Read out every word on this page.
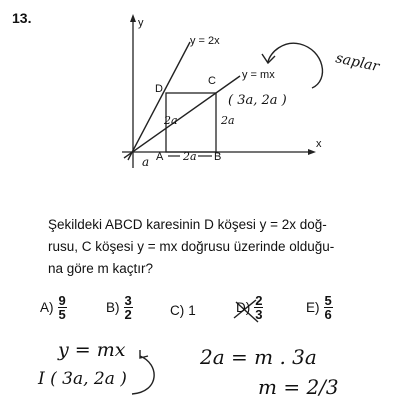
13.	y
x
y = 2x
y = mx
D
C
A	B
( 3a, 2a )
2a	2a
a	2a
saplar
y = mx
I ( 3a, 2a )
2a = m . 3a
m = 2/3
Şekildeki ABCD karesinin D köşesi y = 2x doğ-
rusu, C köşesi y = mx doğrusu üzerinde olduğu-
na göre m kaçtır?
$A) \frac{9}{5}$	$B) \frac{3}{2}$	C) 1	$D) \frac{2}{3}$	$E) \frac{5}{6}$
